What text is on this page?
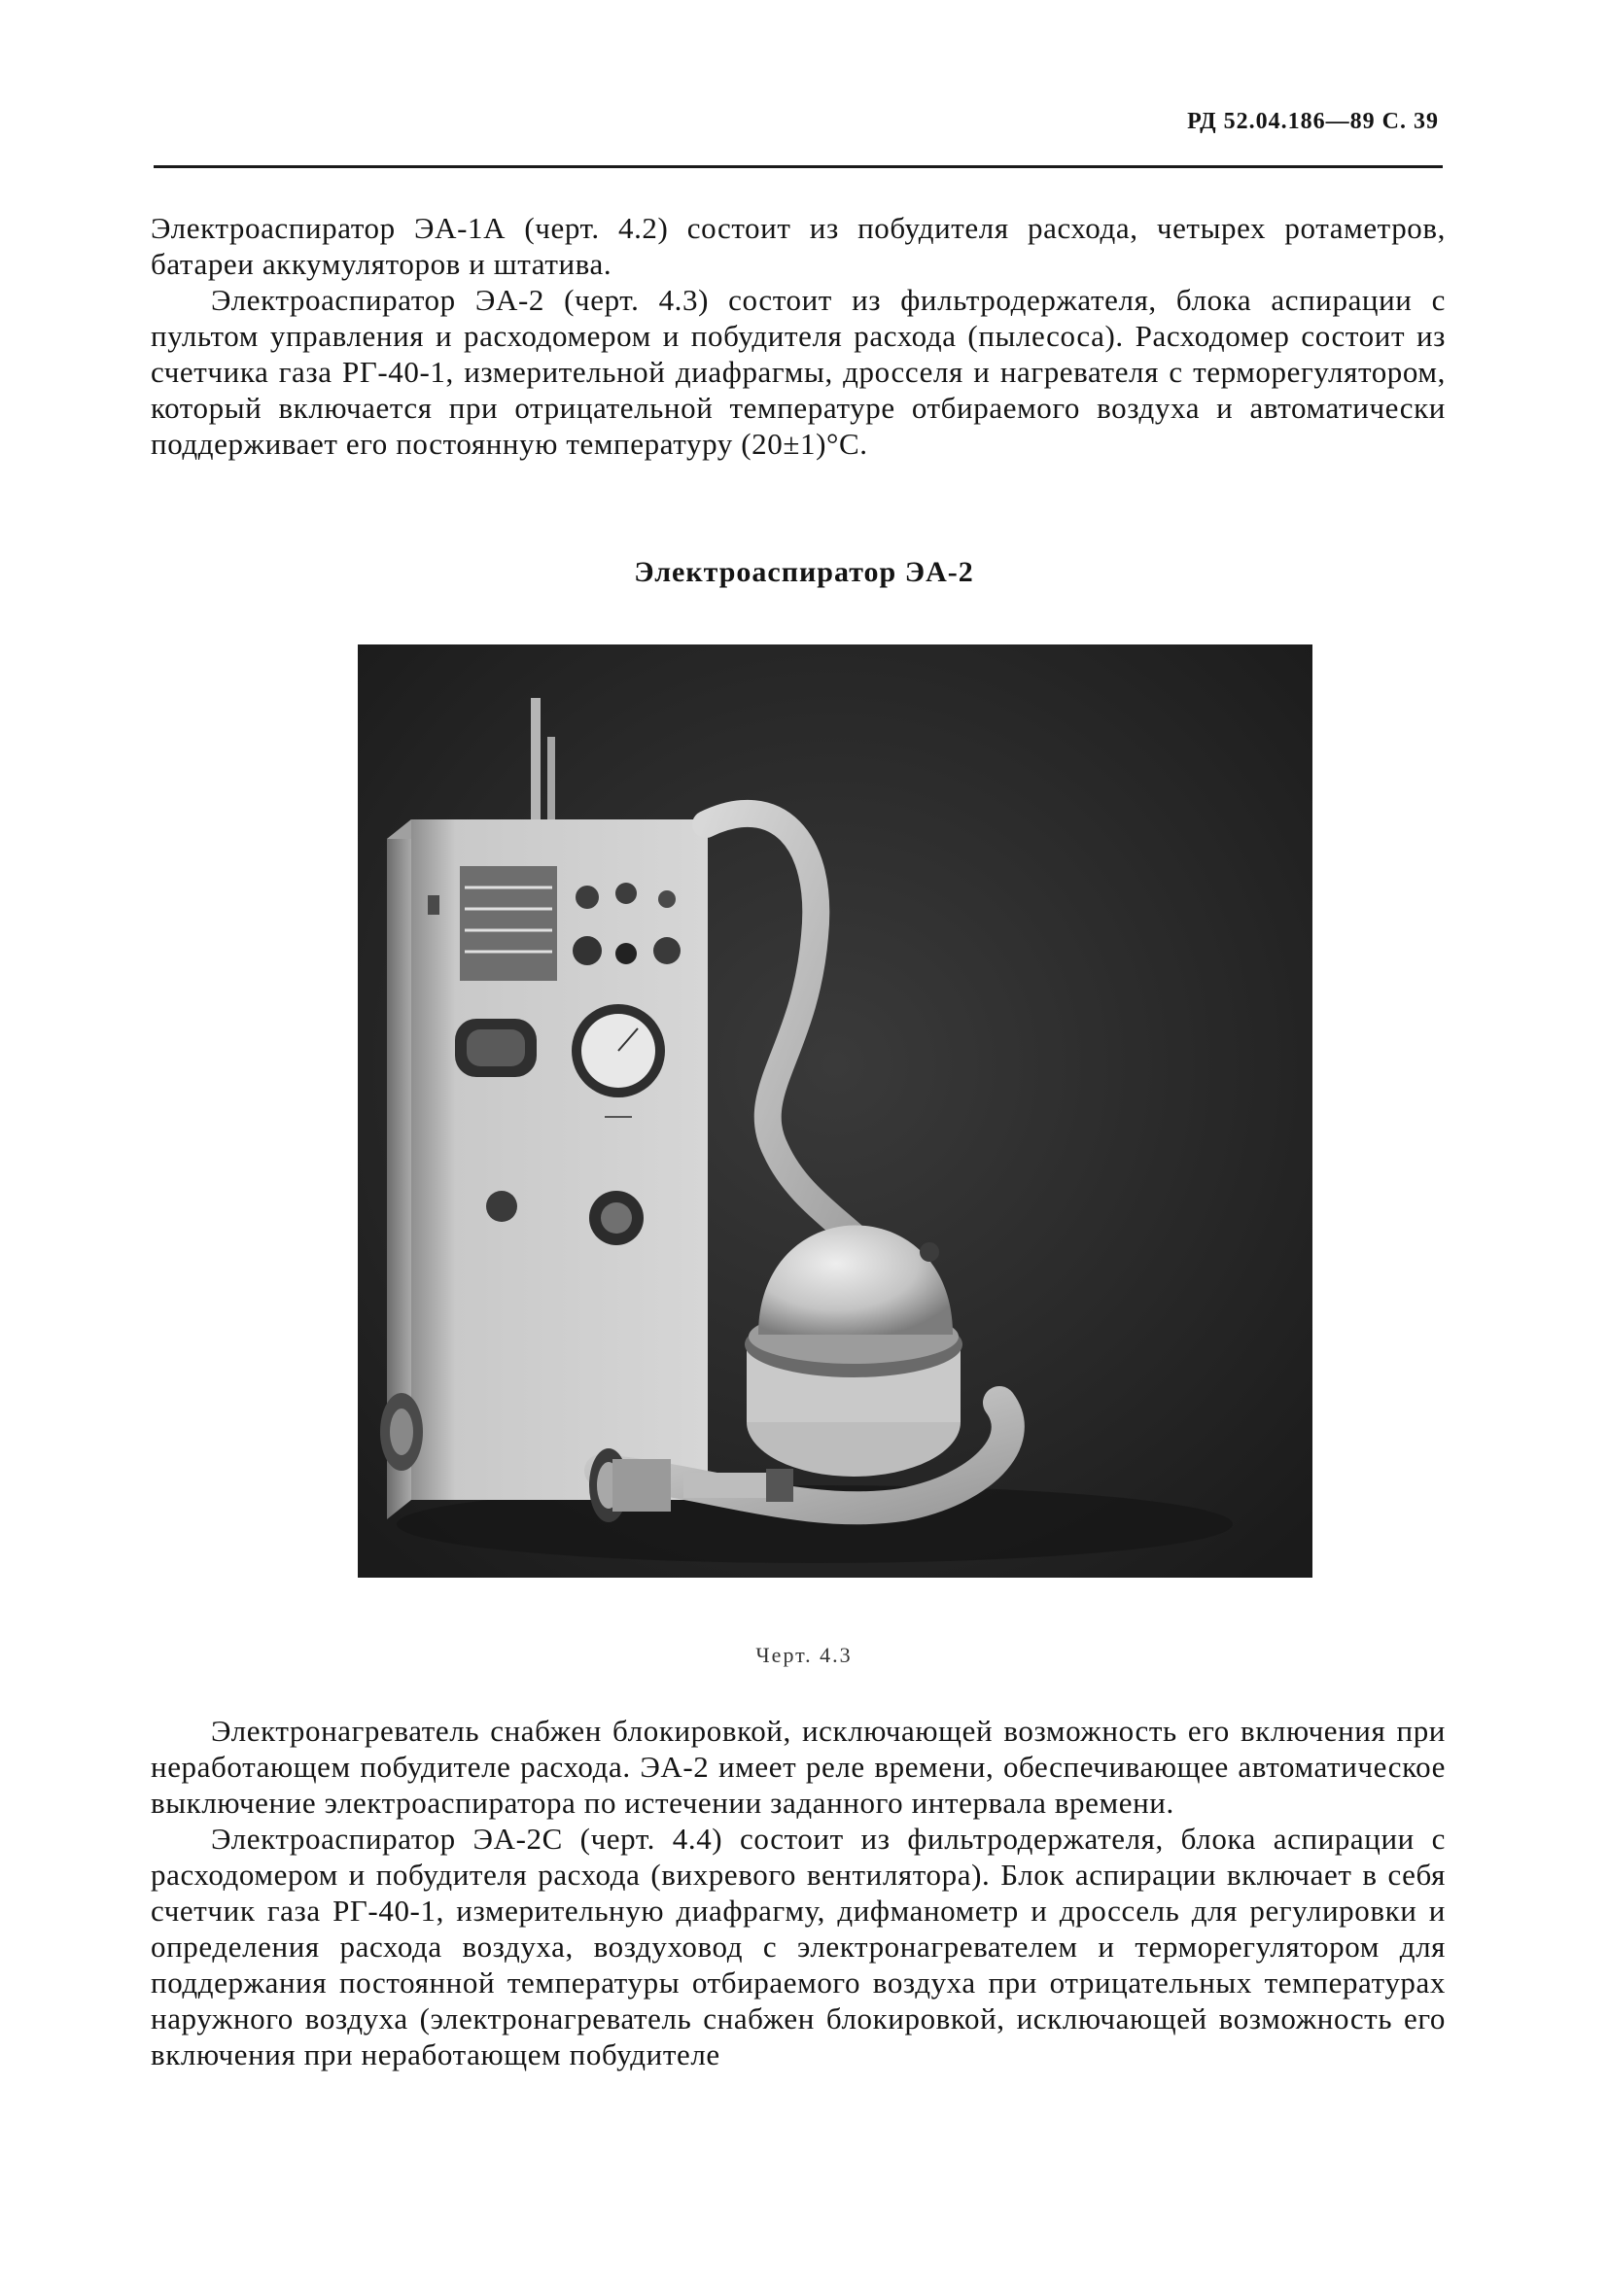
РД 52.04.186—89 С. 39

Электроаспиратор ЭА-1А (черт. 4.2) состоит из побудителя расхода, четырех ротаметров, батареи аккумуляторов и штатива.

Электроаспиратор ЭА-2 (черт. 4.3) состоит из фильтродержателя, блока аспирации с пультом управления и расходомером и побудителя расхода (пылесоса). Расходомер состоит из счетчика газа РГ-40-1, измерительной диафрагмы, дросселя и нагревателя с терморегулятором, который включается при отрицательной температуре отбираемого воздуха и автоматически поддерживает его постоянную температуру (20±1)°С.

Электроаспиратор ЭА-2
Черт. 4.3

Электронагреватель снабжен блокировкой, исключающей возможность его включения при неработающем побудителе расхода. ЭА-2 имеет реле времени, обеспечивающее автоматическое выключение электроаспиратора по истечении заданного интервала времени.

Электроаспиратор ЭА-2С (черт. 4.4) состоит из фильтродержателя, блока аспирации с расходомером и побудителя расхода (вихревого вентилятора). Блок аспирации включает в себя счетчик газа РГ-40-1, измерительную диафрагму, дифманометр и дроссель для регулировки и определения расхода воздуха, воздуховод с электронагревателем и терморегулятором для поддержания постоянной температуры отбираемого воздуха при отрицательных температурах наружного воздуха (электронагреватель снабжен блокировкой, исключающей возможность его включения при неработающем побудителе
